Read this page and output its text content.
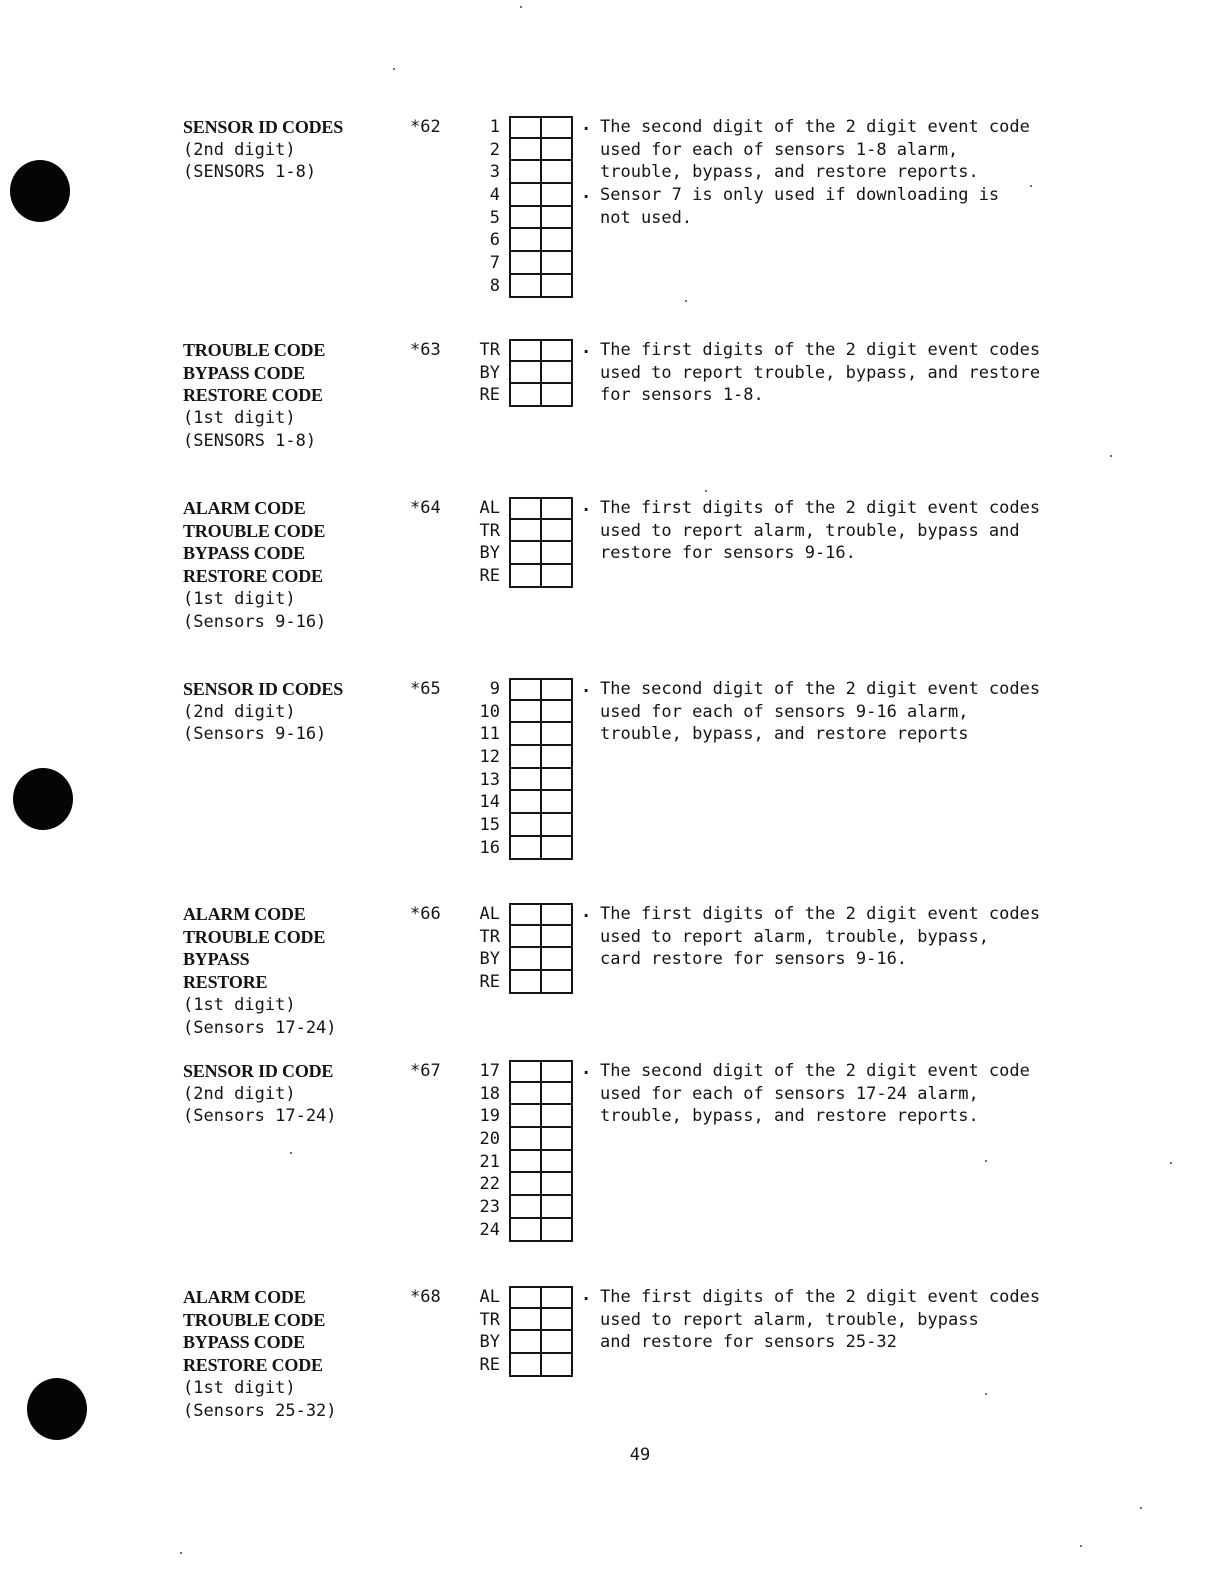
SENSOR ID CODES
(2nd digit)
(SENSORS 1-8)
*62	1
2
3
4
5
6
7
8
. The second digit of the 2 digit event code
used for each of sensors 1-8 alarm,
trouble, bypass, and restore reports.
. Sensor 7 is only used if downloading is
not used.
TROUBLE CODE
BYPASS CODE
RESTORE CODE
(1st digit)
(SENSORS 1-8)
*63 TR
BY
RE
. The first digits of the 2 digit event codes
used to report trouble, bypass, and restore
for sensors 1-8.
ALARM CODE
TROUBLE CODE
BYPASS CODE
RESTORE CODE
(1st digit)
(Sensors 9-16)
*64 AL
TR
BY
RE
. The first digits of the 2 digit event codes
used to report alarm, trouble, bypass and
restore for sensors 9-16.
SENSOR ID CODES
(2nd digit)
(Sensors 9-16)
*65	9
10
11
12
13
14
15
16
. The second digit of the 2 digit event codes
used for each of sensors 9-16 alarm,
trouble, bypass, and restore reports
ALARM CODE
TROUBLE CODE
BYPASS
RESTORE
(1st digit)
(Sensors 17-24)
*66 AL
TR
BY
RE
. The first digits of the 2 digit event codes
used to report alarm, trouble, bypass,
card restore for sensors 9-16.
SENSOR ID CODE
(2nd digit)
(Sensors 17-24)
*67 17
18
19
20
21
22
23
24
. The second digit of the 2 digit event code
used for each of sensors 17-24 alarm,
trouble, bypass, and restore reports.
ALARM CODE
TROUBLE CODE
BYPASS CODE
RESTORE CODE
(1st digit)
(Sensors 25-32)
*68 AL
TR
BY
RE
. The first digits of the 2 digit event codes
used to report alarm, trouble, bypass
and restore for sensors 25-32
49
